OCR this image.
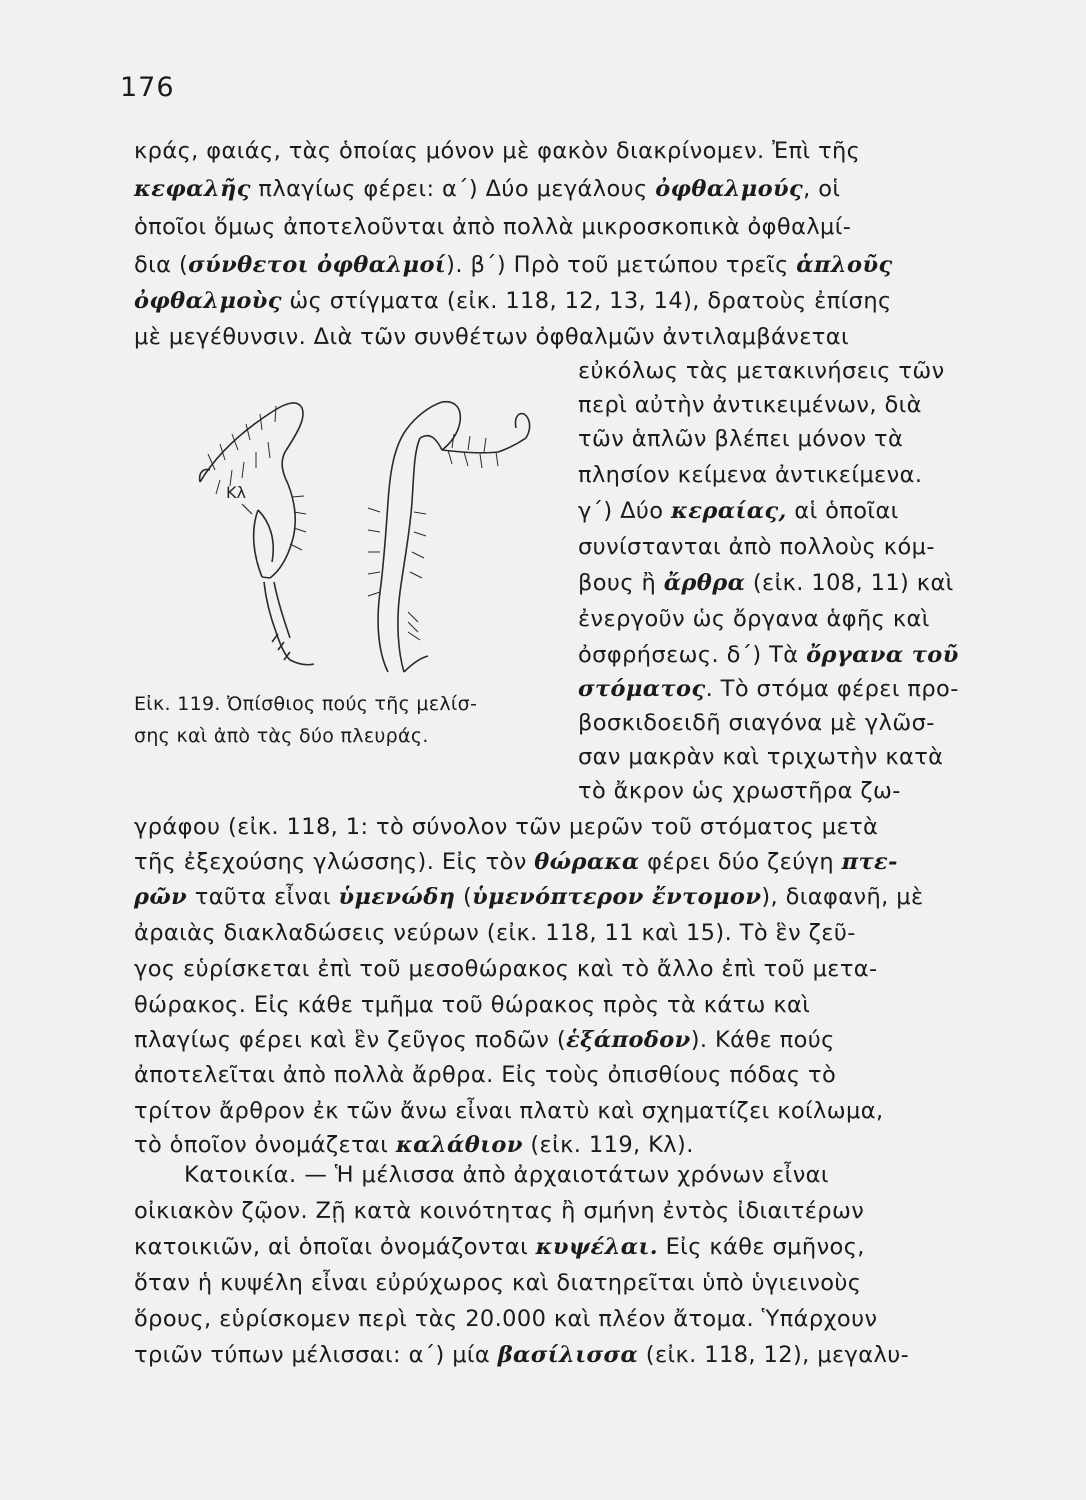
176
κράς, φαιάς, τὰς ὁποίας μόνον μὲ φακὸν διακρίνομεν. Ἐπὶ τῆς
κεφαλῆς πλαγίως φέρει: α΄) Δύο μεγάλους ὀφθαλμούς, οἱ
ὁποῖοι ὅμως ἀποτελοῦνται ἀπὸ πολλὰ μικροσκοπικὰ ὀφθαλμί-
δια (σύνθετοι ὀφθαλμοί). β΄) Πρὸ τοῦ μετώπου τρεῖς ἁπλοῦς
ὀφθαλμοὺς ὡς στίγματα (εἰκ. 118, 12, 13, 14), δρατοὺς ἐπίσης
μὲ μεγέθυνσιν. Διὰ τῶν συνθέτων ὀφθαλμῶν ἀντιλαμβάνεται
εὐκόλως τὰς μετακινήσεις τῶν
περὶ αὐτὴν ἀντικειμένων, διὰ
τῶν ἁπλῶν βλέπει μόνον τὰ
πλησίον κείμενα ἀντικείμενα.
γ΄) Δύο κεραίας, αἱ ὁποῖαι
συνίστανται ἀπὸ πολλοὺς κόμ-
βους ἢ ἄρθρα (εἰκ. 108, 11) καὶ
ἐνεργοῦν ὡς ὄργανα ἁφῆς καὶ
ὀσφρήσεως. δ΄) Τὰ ὄργανα τοῦ
στόματος. Τὸ στόμα φέρει προ-
βοσκιδοειδῆ σιαγόνα μὲ γλῶσ-
σαν μακρὰν καὶ τριχωτὴν κατὰ
τὸ ἄκρον ὡς χρωστῆρα ζω-
Κλ
Εἰκ. 119. Ὀπίσθιος πούς τῆς μελίσ-
σης καὶ ἀπὸ τὰς δύο πλευράς.
γράφου (εἰκ. 118, 1: τὸ σύνολον τῶν μερῶν τοῦ στόματος μετὰ
τῆς ἐξεχούσης γλώσσης). Εἰς τὸν θώρακα φέρει δύο ζεύγη πτε-
ρῶν ταῦτα εἶναι ὑμενώδη (ὑμενόπτερον ἔντομον), διαφανῆ, μὲ
ἀραιὰς διακλαδώσεις νεύρων (εἰκ. 118, 11 καὶ 15). Τὸ ἓν ζεῦ-
γος εὑρίσκεται ἐπὶ τοῦ μεσοθώρακος καὶ τὸ ἄλλο ἐπὶ τοῦ μετα-
θώρακος. Εἰς κάθε τμῆμα τοῦ θώρακος πρὸς τὰ κάτω καὶ
πλαγίως φέρει καὶ ἓν ζεῦγος ποδῶν (ἑξάποδον). Κάθε πούς
ἀποτελεῖται ἀπὸ πολλὰ ἄρθρα. Εἰς τοὺς ὀπισθίους πόδας τὸ
τρίτον ἄρθρον ἐκ τῶν ἄνω εἶναι πλατὺ καὶ σχηματίζει κοίλωμα,
τὸ ὁποῖον ὀνομάζεται καλάθιον (εἰκ. 119, Κλ).
Κατοικία. — Ἡ μέλισσα ἀπὸ ἀρχαιοτάτων χρόνων εἶναι
οἰκιακὸν ζῷον. Ζῇ κατὰ κοινότητας ἢ σμήνη ἐντὸς ἰδιαιτέρων
κατοικιῶν, αἱ ὁποῖαι ὀνομάζονται κυψέλαι. Εἰς κάθε σμῆνος,
ὅταν ἡ κυψέλη εἶναι εὐρύχωρος καὶ διατηρεῖται ὑπὸ ὑγιεινοὺς
ὅρους, εὑρίσκομεν περὶ τὰς 20.000 καὶ πλέον ἄτομα. Ὑπάρχουν
τριῶν τύπων μέλισσαι: α΄) μία βασίλισσα (εἰκ. 118, 12), μεγαλυ-
